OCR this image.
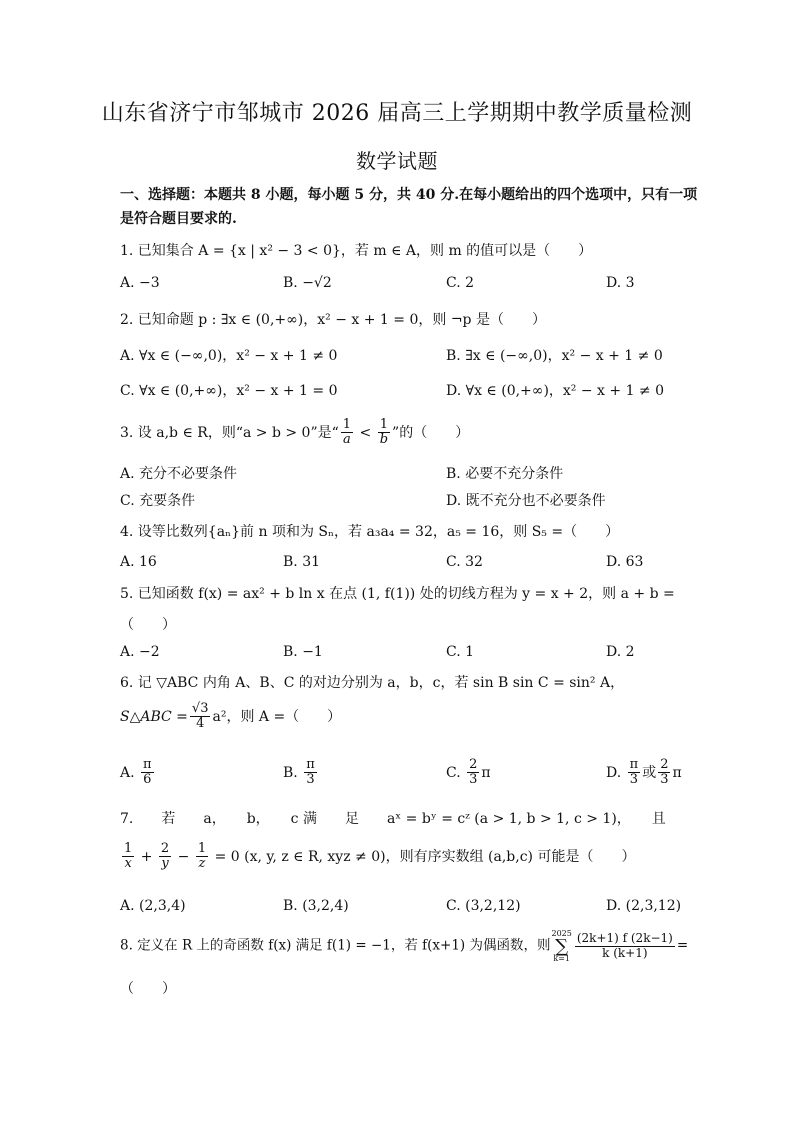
山东省济宁市邹城市 2026 届高三上学期期中教学质量检测
数学试题
一、选择题：本题共 8 小题，每小题 5 分，共 40 分.在每小题给出的四个选项中，只有一项
是符合题目要求的.
1. 已知集合 A = {x | x² − 3 < 0}，若 m ∈ A，则 m 的值可以是（　　）
A. −3	B. −√2	C. 2	D. 3
2. 已知命题 p : ∃x ∈ (0,+∞)，x² − x + 1 = 0，则 ¬p 是（　　）
A. ∀x ∈ (−∞,0)，x² − x + 1 ≠ 0	B. ∃x ∈ (−∞,0)，x² − x + 1 ≠ 0
C. ∀x ∈ (0,+∞)，x² − x + 1 = 0	D. ∀x ∈ (0,+∞)，x² − x + 1 ≠ 0
3. 设 a,b ∈ R，则“a > b > 0”是“ $\frac{1}{a} < \frac{1}{b}$ ”的（　　）
A. 充分不必要条件	B. 必要不充分条件
C. 充要条件	D. 既不充分也不必要条件
4. 设等比数列{aₙ}前 n 项和为 Sₙ，若 a₃a₄ = 32，a₅ = 16，则 S₅ =（　　）
A. 16	B. 31	C. 32	D. 63
5. 已知函数 f(x) = ax² + b ln x 在点 (1, f(1)) 处的切线方程为 y = x + 2，则 a + b =
（　　）
A. −2	B. −1	C. 1	D. 2
6. 记 ▽ABC 内角 A、B、C 的对边分别为 a，b，c，若 sin B sin C = sin² A，
S△ABC = $\frac{√3}{4} a^2$，则 A =（　　）
A. $\frac{\pi}{6}$	B. $\frac{\pi}{3}$	C. $\frac{2}{3}$ π	D. $\frac{\pi}{3}$ 或 $\frac{2}{3}$ π
7.　　若　　a，　　b，　　c 满　　足　　aˣ = bʸ = cᶻ (a > 1, b > 1, c > 1)，　　且
$\frac{1}{x} + \frac{2}{y} - \frac{1}{z} = 0$ (x, y, z ∈ R, xyz ≠ 0)，则有序实数组 (a,b,c) 可能是（　　）
A. (2,3,4)	B. (3,2,4)	C. (3,2,12)	D. (2,3,12)
8. 定义在 R 上的奇函数 f(x) 满足 f(1) = −1，若 f(x+1) 为偶函数，则
2025
∑
$k=1 \frac{(2k+1) f (2k-1)}{k (k+1)}$ =
（　　）
